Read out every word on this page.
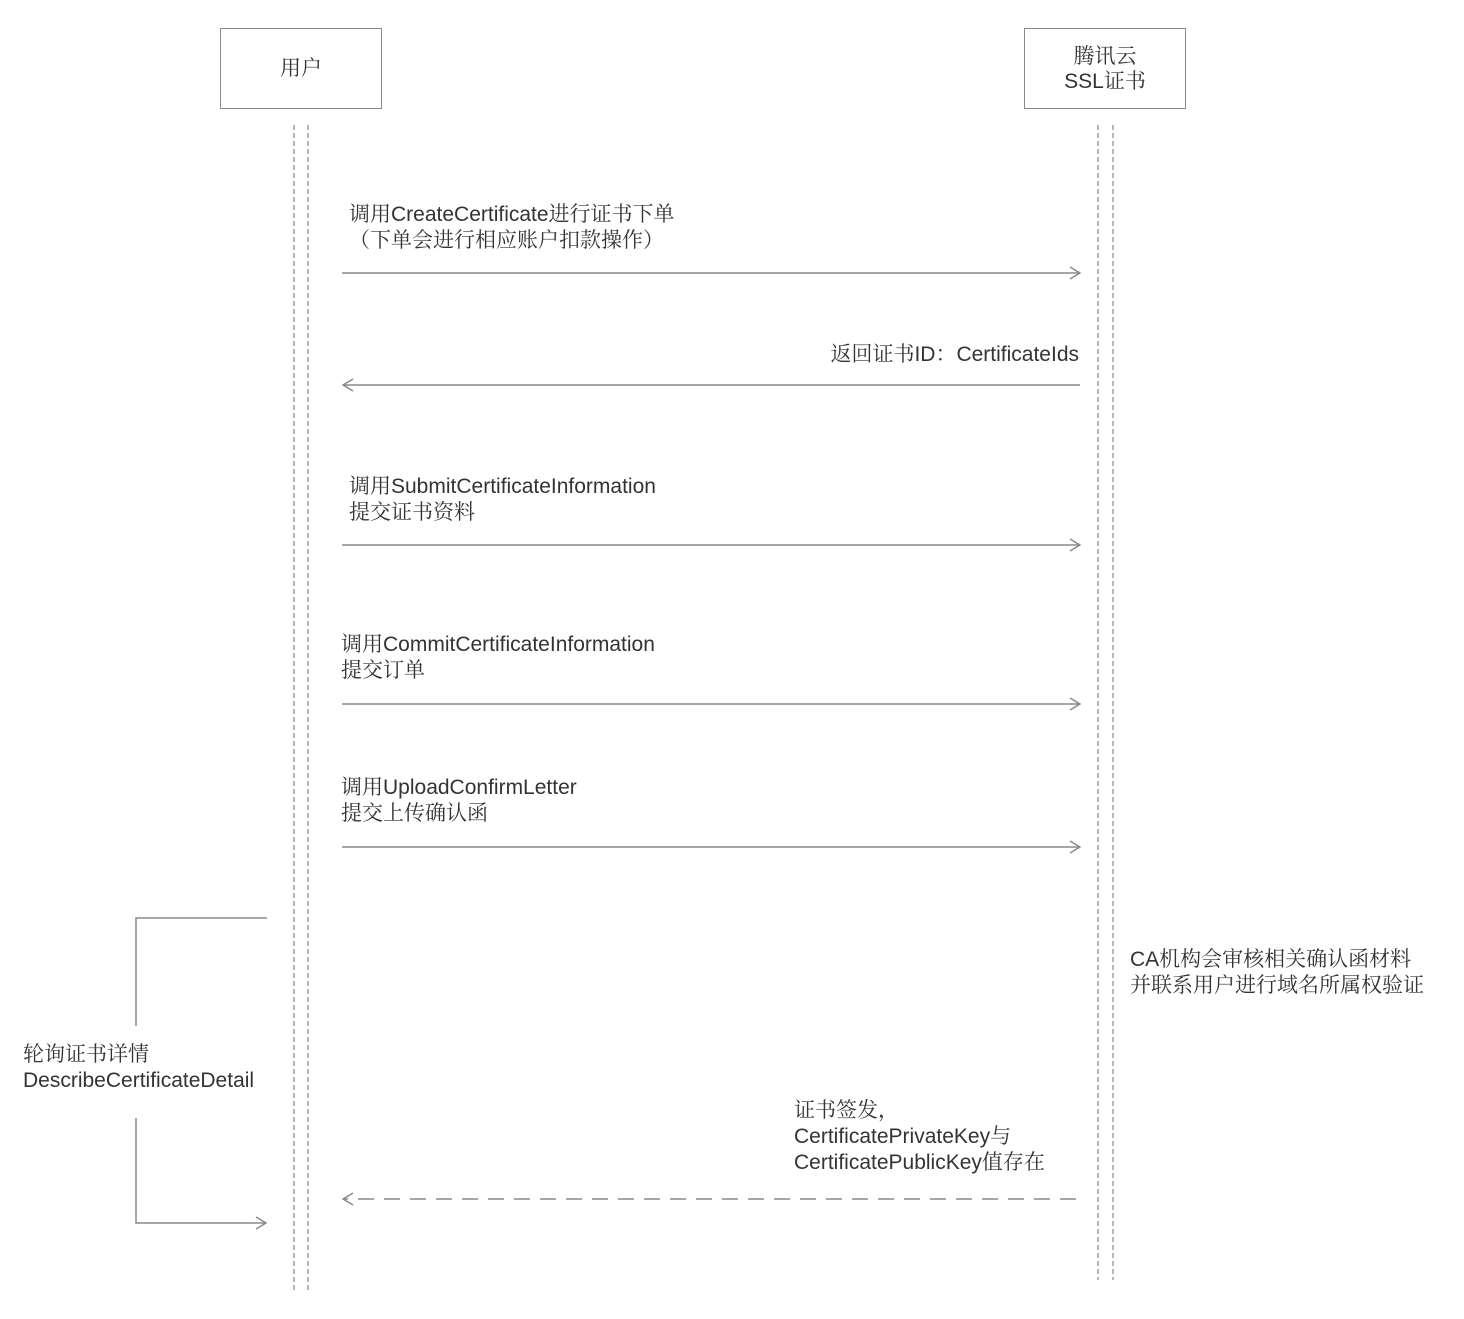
用户
腾讯云
SSL证书
调用CreateCertificate进行证书下单
（下单会进行相应账户扣款操作）
返回证书ID：CertificateIds
调用SubmitCertificateInformation
提交证书资料
调用CommitCertificateInformation
提交订单
调用UploadConfirmLetter
提交上传确认函
证书签发，
CertificatePrivateKey与
CertificatePublicKey值存在
CA机构会审核相关确认函材料
并联系用户进行域名所属权验证
轮询证书详情
DescribeCertificateDetail
